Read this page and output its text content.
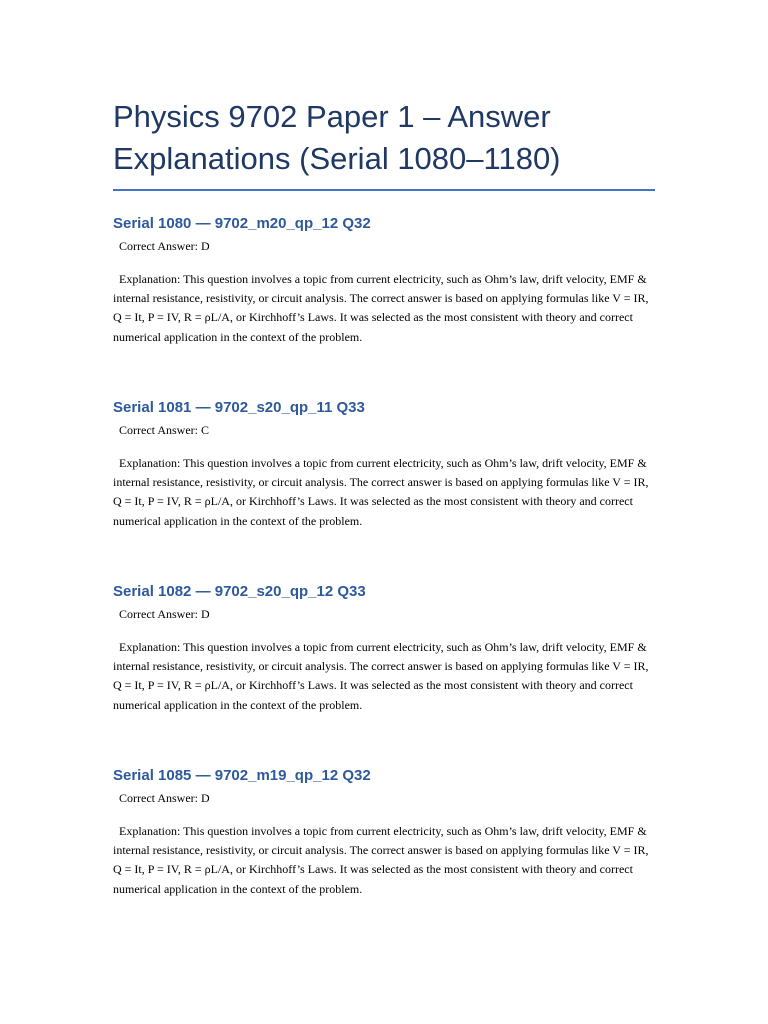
Physics 9702 Paper 1 – Answer Explanations (Serial 1080–1180)
Serial 1080 — 9702_m20_qp_12 Q32

Correct Answer: D

Explanation: This question involves a topic from current electricity, such as Ohm’s law, drift velocity, EMF & internal resistance, resistivity, or circuit analysis. The correct answer is based on applying formulas like V = IR, Q = It, P = IV, R = ρL/A, or Kirchhoff’s Laws. It was selected as the most consistent with theory and correct numerical application in the context of the problem.

Serial 1081 — 9702_s20_qp_11 Q33

Correct Answer: C

Explanation: This question involves a topic from current electricity, such as Ohm’s law, drift velocity, EMF & internal resistance, resistivity, or circuit analysis. The correct answer is based on applying formulas like V = IR, Q = It, P = IV, R = ρL/A, or Kirchhoff’s Laws. It was selected as the most consistent with theory and correct numerical application in the context of the problem.

Serial 1082 — 9702_s20_qp_12 Q33

Correct Answer: D

Explanation: This question involves a topic from current electricity, such as Ohm’s law, drift velocity, EMF & internal resistance, resistivity, or circuit analysis. The correct answer is based on applying formulas like V = IR, Q = It, P = IV, R = ρL/A, or Kirchhoff’s Laws. It was selected as the most consistent with theory and correct numerical application in the context of the problem.

Serial 1085 — 9702_m19_qp_12 Q32

Correct Answer: D

Explanation: This question involves a topic from current electricity, such as Ohm’s law, drift velocity, EMF & internal resistance, resistivity, or circuit analysis. The correct answer is based on applying formulas like V = IR, Q = It, P = IV, R = ρL/A, or Kirchhoff’s Laws. It was selected as the most consistent with theory and correct numerical application in the context of the problem.
